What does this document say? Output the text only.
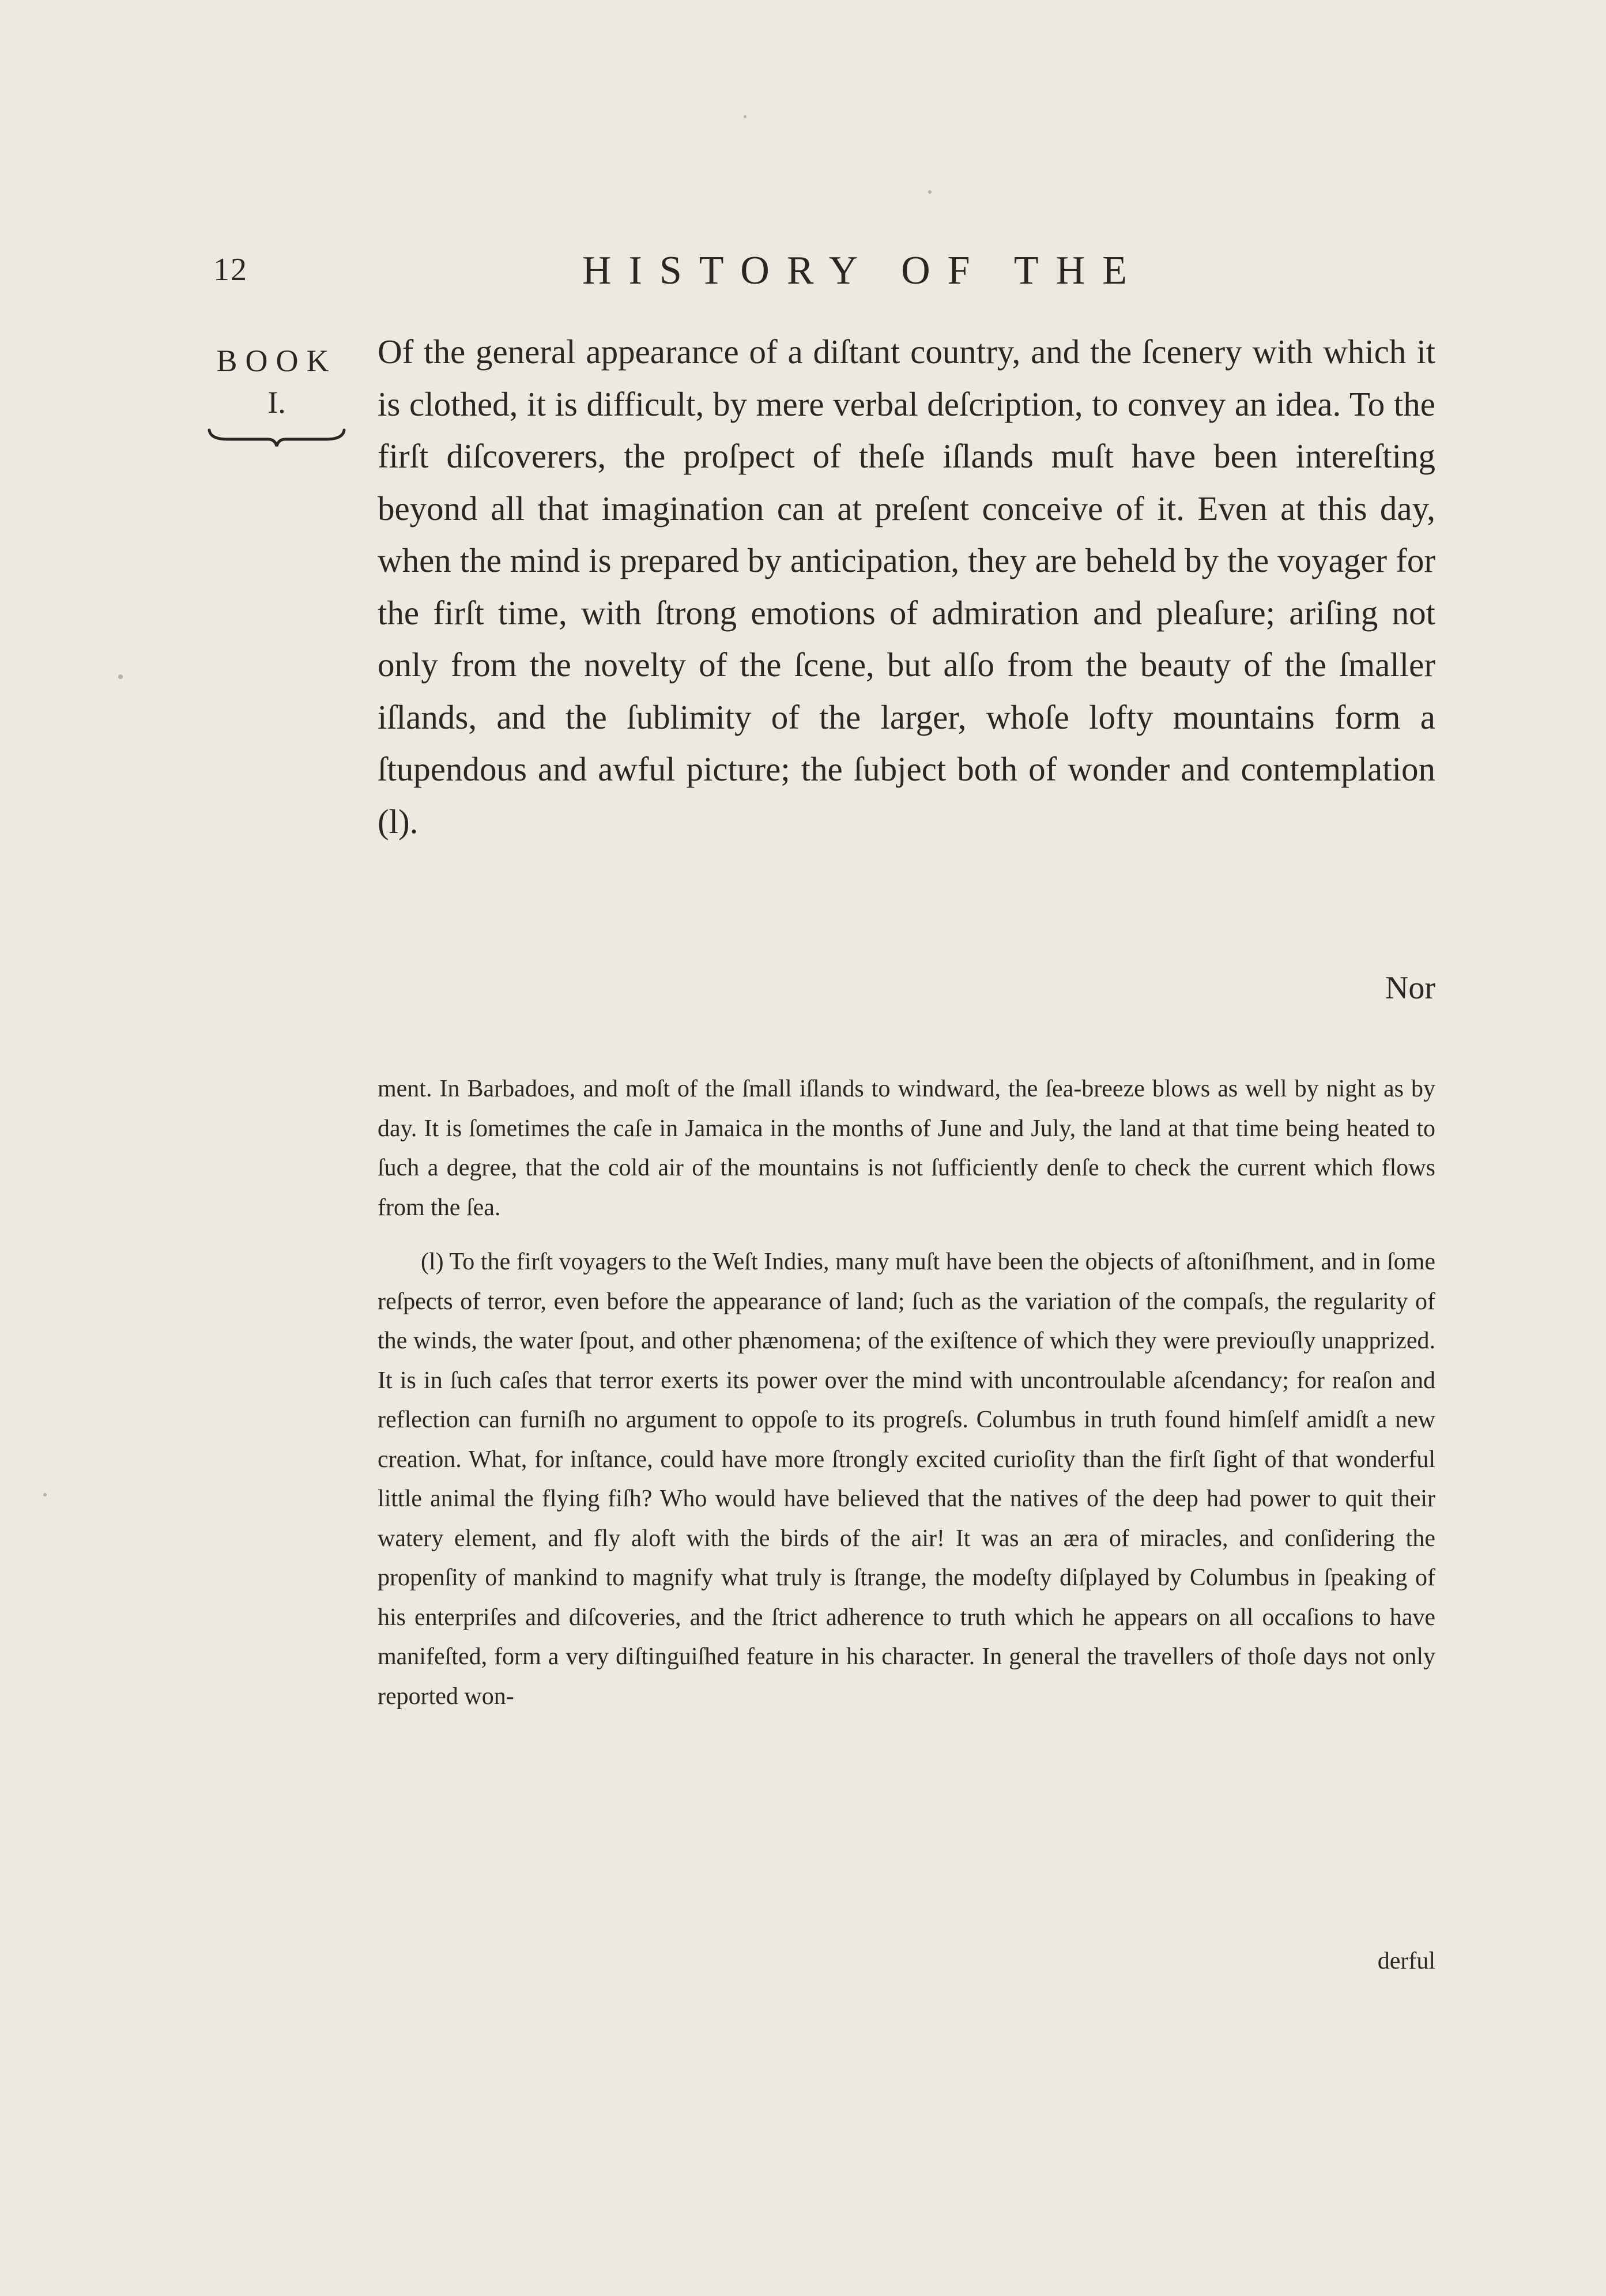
12	HISTORY OF THE
BOOK
I.

Of the general appearance of a diſtant country, and the ſcenery with which it is clothed, it is difficult, by mere verbal deſcription, to convey an idea. To the firſt diſcoverers, the proſpect of theſe iſlands muſt have been intereſting beyond all that imagination can at preſent conceive of it. Even at this day, when the mind is prepared by anticipation, they are beheld by the voyager for the firſt time, with ſtrong emotions of admiration and pleaſure; ariſing not only from the novelty of the ſcene, but alſo from the beauty of the ſmaller iſlands, and the ſublimity of the larger, whoſe lofty mountains form a ſtupendous and awful picture; the ſubject both of wonder and contemplation (l).

Nor

ment. In Barbadoes, and moſt of the ſmall iſlands to windward, the ſea-breeze blows as well by night as by day. It is ſometimes the caſe in Jamaica in the months of June and July, the land at that time being heated to ſuch a degree, that the cold air of the mountains is not ſufficiently denſe to check the current which flows from the ſea.

(l) To the firſt voyagers to the Weſt Indies, many muſt have been the objects of aſtoniſhment, and in ſome reſpects of terror, even before the appearance of land; ſuch as the variation of the compaſs, the regularity of the winds, the water ſpout, and other phænomena; of the exiſtence of which they were previouſly unapprized. It is in ſuch caſes that terror exerts its power over the mind with uncontroulable aſcendancy; for reaſon and reflection can furniſh no argument to oppoſe to its progreſs. Columbus in truth found himſelf amidſt a new creation. What, for inſtance, could have more ſtrongly excited curioſity than the firſt ſight of that wonderful little animal the flying fiſh? Who would have believed that the natives of the deep had power to quit their watery element, and fly aloft with the birds of the air! It was an æra of miracles, and conſidering the propenſity of mankind to magnify what truly is ſtrange, the modeſty diſplayed by Columbus in ſpeaking of his enterpriſes and diſcoveries, and the ſtrict adherence to truth which he appears on all occaſions to have manifeſted, form a very diſtinguiſhed feature in his character. In general the travellers of thoſe days not only reported won-

derful
